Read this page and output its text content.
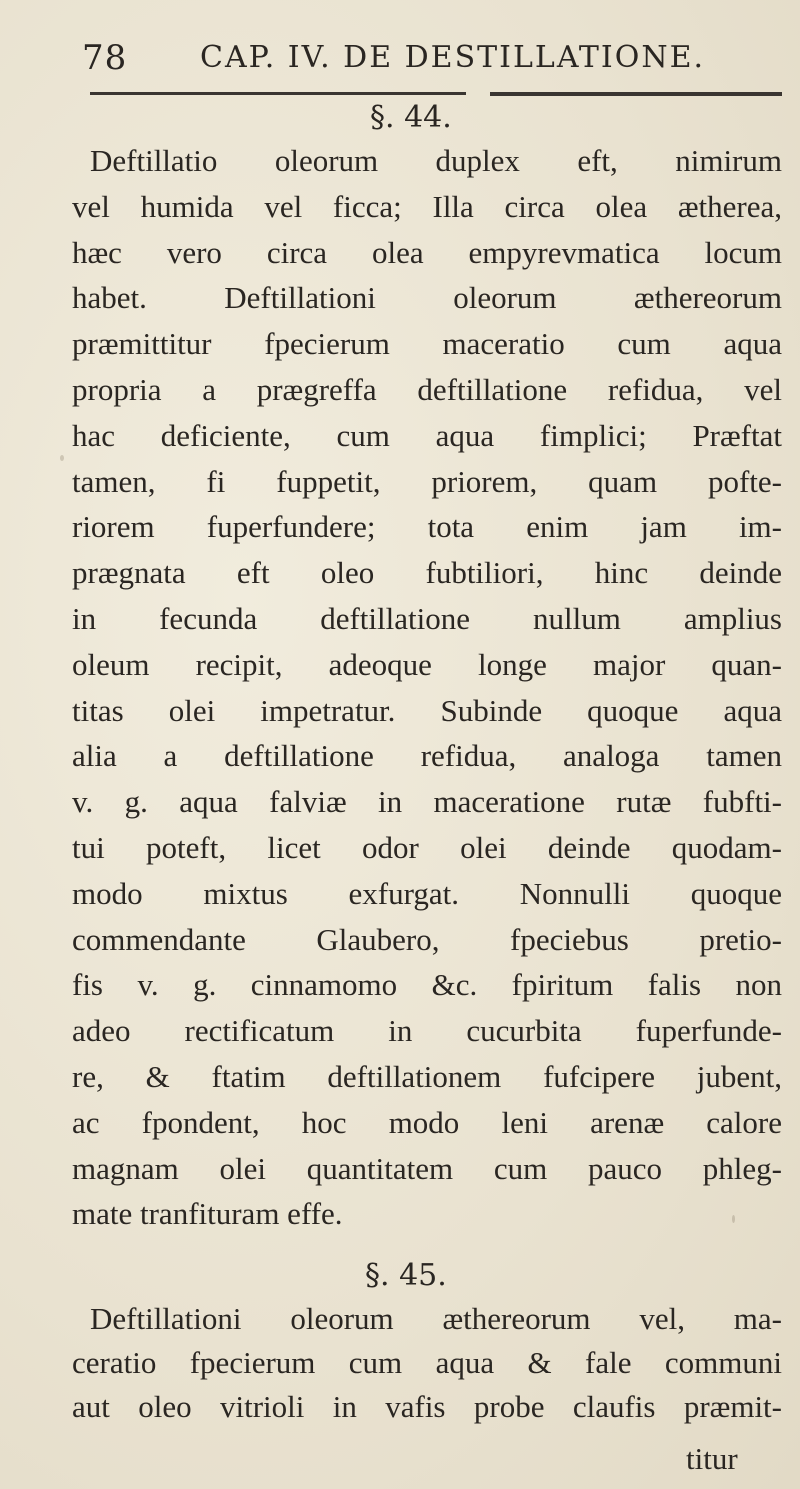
78 CAP. IV. DE DESTILLATIONE.
§. 44.
§. 45.
Deftillatio oleorum duplex eft, nimirum
vel humida vel ficca; Illa circa olea ætherea,
hæc vero circa olea empyrevmatica locum
habet. Deftillationi oleorum æthereorum
præmittitur fpecierum maceratio cum aqua
propria a prægreffa deftillatione refidua, vel
hac deficiente, cum aqua fimplici; Præftat
tamen, fi fuppetit, priorem, quam pofte-
riorem fuperfundere; tota enim jam im-
prægnata eft oleo fubtiliori, hinc deinde
in fecunda deftillatione nullum amplius
oleum recipit, adeoque longe major quan-
titas olei impetratur. Subinde quoque aqua
alia a deftillatione refidua, analoga tamen
v. g. aqua falviæ in maceratione rutæ fubfti-
tui poteft, licet odor olei deinde quodam-
modo mixtus exfurgat. Nonnulli quoque
commendante Glaubero, fpeciebus pretio-
fis v. g. cinnamomo &c. fpiritum falis non
adeo rectificatum in cucurbita fuperfunde-
re, & ftatim deftillationem fufcipere jubent,
ac fpondent, hoc modo leni arenæ calore
magnam olei quantitatem cum pauco phleg-
mate tranfituram effe.
Deftillationi oleorum æthereorum vel, ma-
ceratio fpecierum cum aqua & fale communi
aut oleo vitrioli in vafis probe claufis præmit-
titur
